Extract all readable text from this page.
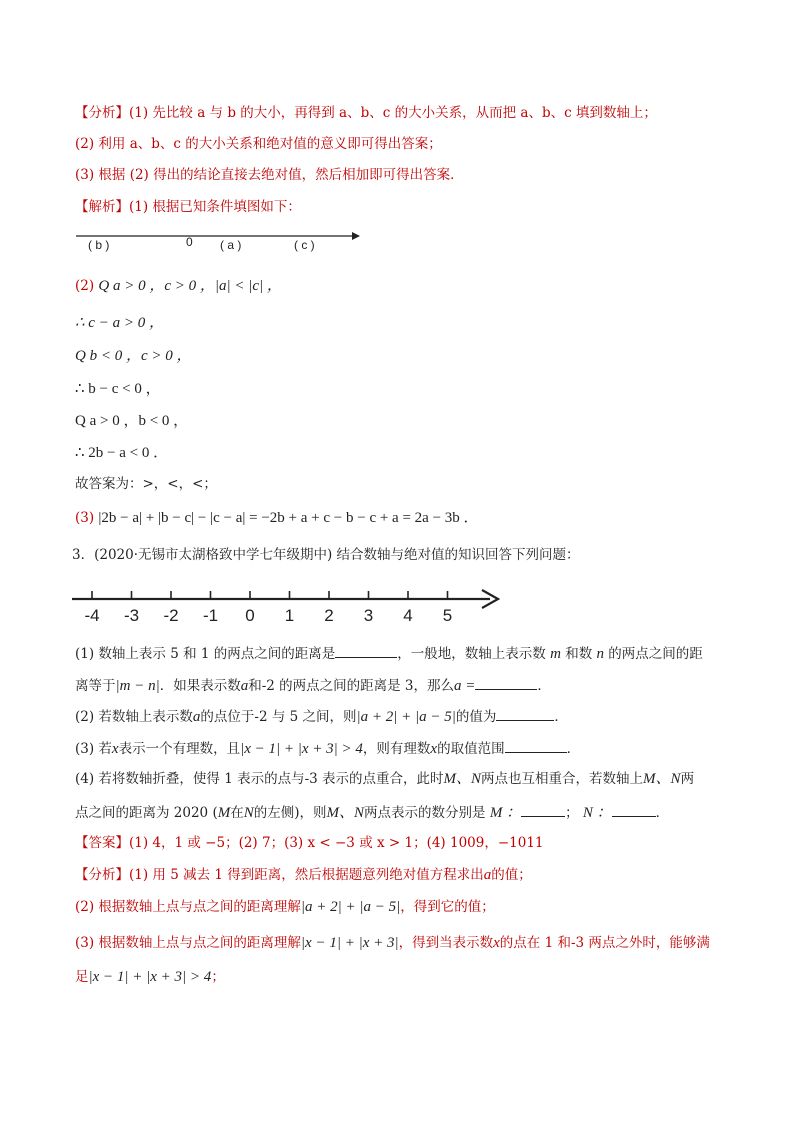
【分析】(1) 先比较 a 与 b 的大小，再得到 a、b、c 的大小关系，从而把 a、b、c 填到数轴上；
(2) 利用 a、b、c 的大小关系和绝对值的意义即可得出答案；
(3) 根据 (2) 得出的结论直接去绝对值，然后相加即可得出答案．
【解析】(1) 根据已知条件填图如下：
( b )	0 ( a )	( c )
(2) Q a > 0 ，c > 0 ，|a| < |c| ，
∴ c − a > 0 ，
Q b < 0 ，c > 0 ，
∴ b − c < 0 ，
Q a > 0 ，b < 0 ，
∴ 2b − a < 0 ．
故答案为：>，<，<；
(3) |2b − a| + |b − c| − |c − a| = −2b + a + c − b − c + a = 2a − 3b ．
3．(2020·无锡市太湖格致中学七年级期中) 结合数轴与绝对值的知识回答下列问题：
-4 -3 -2 -1 0 1 2 3 4 5
(1) 数轴上表示 5 和 1 的两点之间的距离是	，一般地，数轴上表示数 m 和数 n 的两点之间的距
离等于|m − n|．如果表示数a和-2 的两点之间的距离是 3，那么a =	．
(2) 若数轴上表示数a的点位于-2 与 5 之间，则|a + 2| + |a − 5|的值为	．
(3) 若x表示一个有理数，且|x − 1| + |x + 3| > 4，则有理数x的取值范围	．
(4) 若将数轴折叠，使得 1 表示的点与-3 表示的点重合，此时M、N两点也互相重合，若数轴上M、N两
点之间的距离为 2020 (M在N的左侧)，则M、N两点表示的数分别是 M ：	； N ：	．
【答案】(1) 4，1 或 −5；(2) 7；(3) x < −3 或 x > 1；(4) 1009，−1011
【分析】(1) 用 5 减去 1 得到距离，然后根据题意列绝对值方程求出a的值；
(2) 根据数轴上点与点之间的距离理解|a + 2| + |a − 5|，得到它的值；
(3) 根据数轴上点与点之间的距离理解|x − 1| + |x + 3|，得到当表示数x的点在 1 和-3 两点之外时，能够满
足|x − 1| + |x + 3| > 4；
